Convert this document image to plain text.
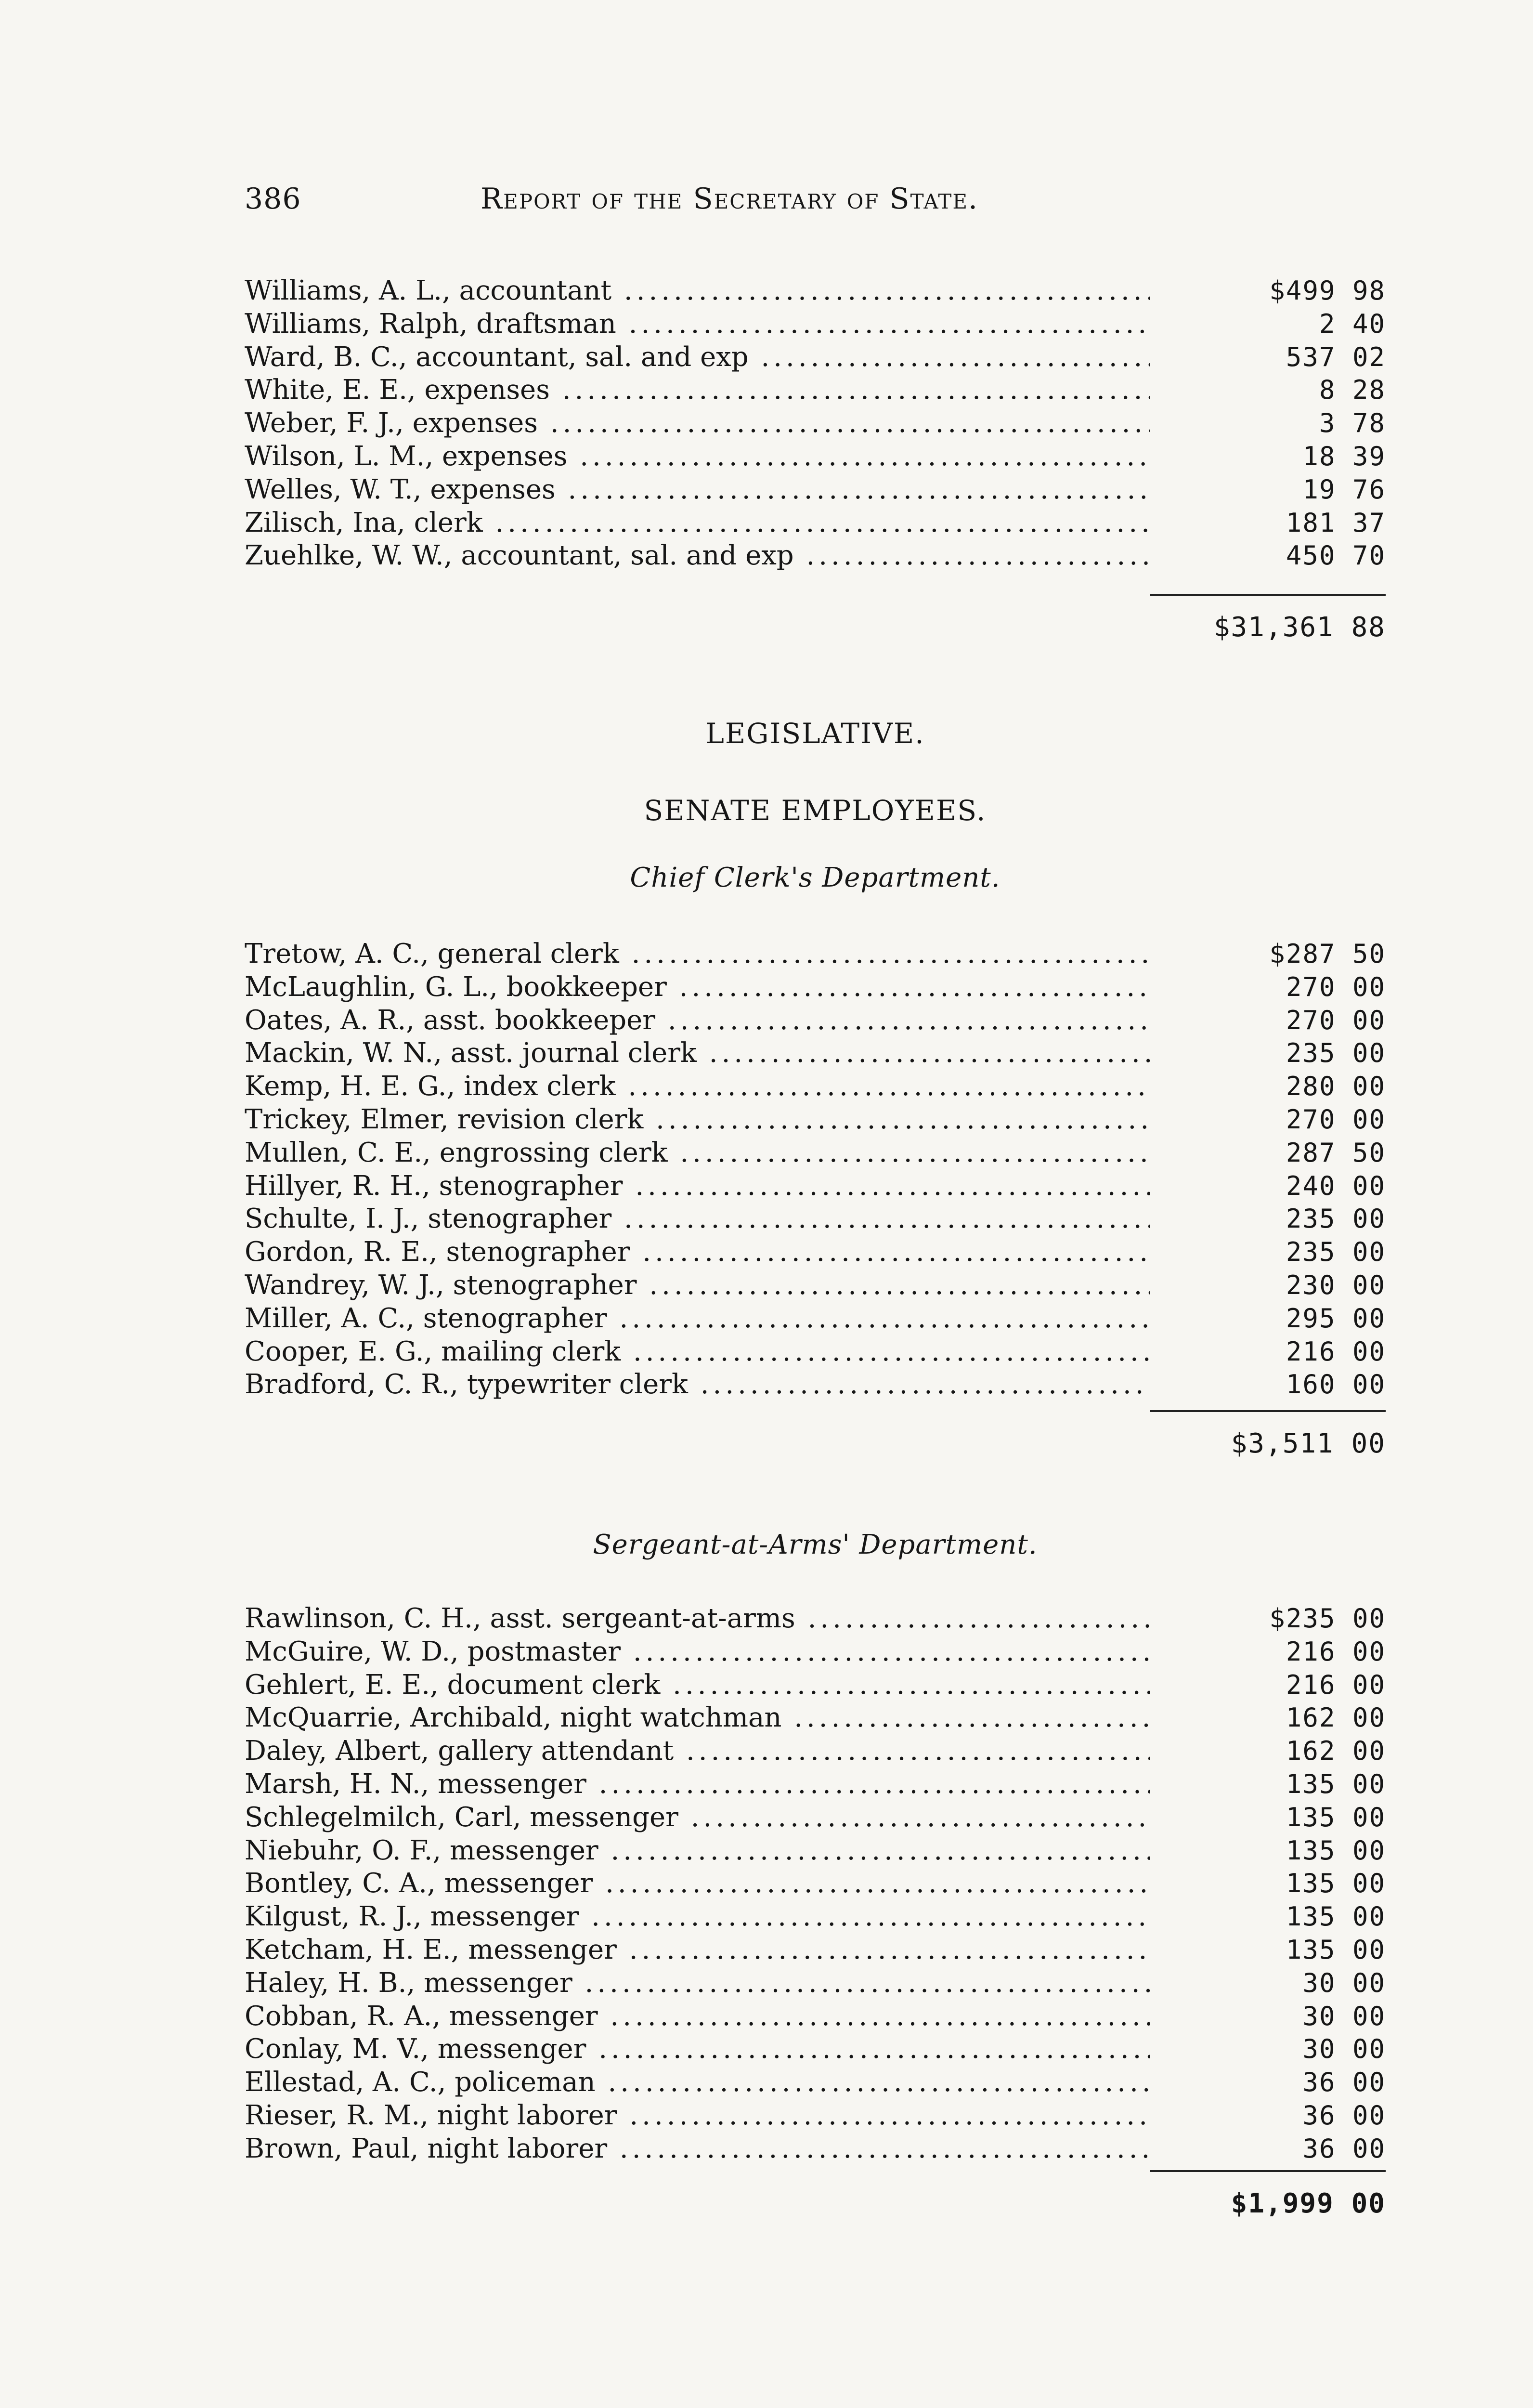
386	Report of the Secretary of State.
Williams, A. L., accountant .....	$499 98
Williams, Ralph, draftsman .....	2 40
Ward, B. C., accountant, sal. and exp .....	537 02
White, E. E., expenses .....	8 28
Weber, F. J., expenses .....	3 78
Wilson, L. M., expenses .....	18 39
Welles, W. T., expenses .....	19 76
Zilisch, Ina, clerk .....	181 37
Zuehlke, W. W., accountant, sal. and exp .....	450 70
$31,361 88
LEGISLATIVE.
SENATE EMPLOYEES.
Chief Clerk's Department.
Tretow, A. C., general clerk .....	$287 50
McLaughlin, G. L., bookkeeper .....	270 00
Oates, A. R., asst. bookkeeper .....	270 00
Mackin, W. N., asst. journal clerk .....	235 00
Kemp, H. E. G., index clerk .....	280 00
Trickey, Elmer, revision clerk .....	270 00
Mullen, C. E., engrossing clerk .....	287 50
Hillyer, R. H., stenographer .....	240 00
Schulte, I. J., stenographer .....	235 00
Gordon, R. E., stenographer .....	235 00
Wandrey, W. J., stenographer .....	230 00
Miller, A. C., stenographer .....	295 00
Cooper, E. G., mailing clerk .....	216 00
Bradford, C. R., typewriter clerk .....	160 00
$3,511 00
Sergeant-at-Arms' Department.
Rawlinson, C. H., asst. sergeant-at-arms .....	$235 00
McGuire, W. D., postmaster .....	216 00
Gehlert, E. E., document clerk .....	216 00
McQuarrie, Archibald, night watchman .....	162 00
Daley, Albert, gallery attendant .....	162 00
Marsh, H. N., messenger .....	135 00
Schlegelmilch, Carl, messenger .....	135 00
Niebuhr, O. F., messenger .....	135 00
Bontley, C. A., messenger .....	135 00
Kilgust, R. J., messenger .....	135 00
Ketcham, H. E., messenger .....	135 00
Haley, H. B., messenger .....	30 00
Cobban, R. A., messenger .....	30 00
Conlay, M. V., messenger .....	30 00
Ellestad, A. C., policeman .....	36 00
Rieser, R. M., night laborer .....	36 00
Brown, Paul, night laborer .....	36 00
$1,999 00
